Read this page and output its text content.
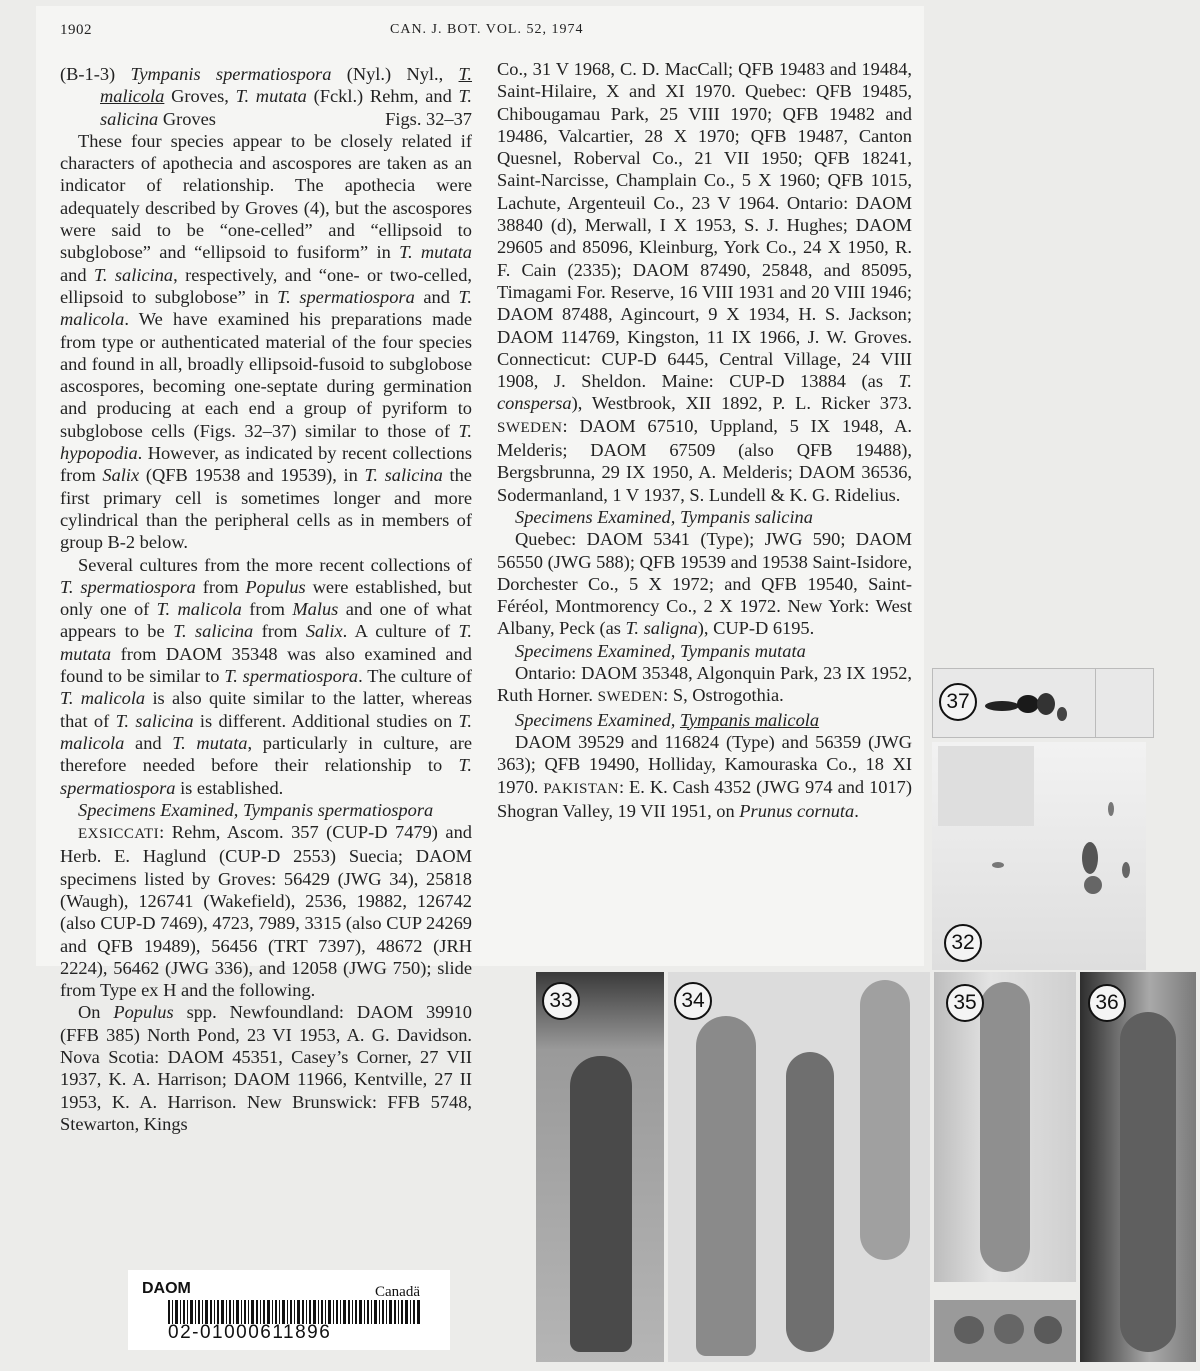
1902	CAN. J. BOT. VOL. 52, 1974

(B-1-3) Tympanis spermatiospora (Nyl.) Nyl., T. malicola Groves, T. mutata (Fckl.) Rehm, and T. salicina Groves	Figs. 32–37

These four species appear to be closely related if characters of apothecia and ascospores are taken as an indicator of relationship. The apothecia were adequately described by Groves (4), but the ascospores were said to be “one-celled” and “ellipsoid to subglobose” and “ellipsoid to fusiform” in T. mutata and T. salicina, respectively, and “one- or two-celled, ellipsoid to subglobose” in T. spermatiospora and T. malicola. We have examined his preparations made from type or authenticated material of the four species and found in all, broadly ellipsoid-fusoid to subglobose ascospores, becoming one-septate during germination and producing at each end a group of pyriform to subglobose cells (Figs. 32–37) similar to those of T. hypopodia. However, as indicated by recent collections from Salix (QFB 19538 and 19539), in T. salicina the first primary cell is sometimes longer and more cylindrical than the peripheral cells as in members of group B-2 below.

Several cultures from the more recent collections of T. spermatiospora from Populus were established, but only one of T. malicola from Malus and one of what appears to be T. salicina from Salix. A culture of T. mutata from DAOM 35348 was also examined and found to be similar to T. spermatiospora. The culture of T. malicola is also quite similar to the latter, whereas that of T. salicina is different. Additional studies on T. malicola and T. mutata, particularly in culture, are therefore needed before their relationship to T. spermatiospora is established.

Specimens Examined, Tympanis spermatiospora

EXSICCATI: Rehm, Ascom. 357 (CUP-D 7479) and Herb. E. Haglund (CUP-D 2553) Suecia; DAOM specimens listed by Groves: 56429 (JWG 34), 25818 (Waugh), 126741 (Wakefield), 2536, 19882, 126742 (also CUP-D 7469), 4723, 7989, 3315 (also CUP 24269 and QFB 19489), 56456 (TRT 7397), 48672 (JRH 2224), 56462 (JWG 336), and 12058 (JWG 750); slide from Type ex H and the following.

On Populus spp. Newfoundland: DAOM 39910 (FFB 385) North Pond, 23 VI 1953, A. G. Davidson. Nova Scotia: DAOM 45351, Casey’s Corner, 27 VII 1937, K. A. Harrison; DAOM 11966, Kentville, 27 II 1953, K. A. Harrison. New Brunswick: FFB 5748, Stewarton, Kings

Co., 31 V 1968, C. D. MacCall; QFB 19483 and 19484, Saint-Hilaire, X and XI 1970. Quebec: QFB 19485, Chibougamau Park, 25 VIII 1970; QFB 19482 and 19486, Valcartier, 28 X 1970; QFB 19487, Canton Quesnel, Roberval Co., 21 VII 1950; QFB 18241, Saint-Narcisse, Champlain Co., 5 X 1960; QFB 1015, Lachute, Argenteuil Co., 23 V 1964. Ontario: DAOM 38840 (d), Merwall, I X 1953, S. J. Hughes; DAOM 29605 and 85096, Kleinburg, York Co., 24 X 1950, R. F. Cain (2335); DAOM 87490, 25848, and 85095, Timagami For. Reserve, 16 VIII 1931 and 20 VIII 1946; DAOM 87488, Agincourt, 9 X 1934, H. S. Jackson; DAOM 114769, Kingston, 11 IX 1966, J. W. Groves. Connecticut: CUP-D 6445, Central Village, 24 VIII 1908, J. Sheldon. Maine: CUP-D 13884 (as T. conspersa), Westbrook, XII 1892, P. L. Ricker 373. SWEDEN: DAOM 67510, Uppland, 5 IX 1948, A. Melderis; DAOM 67509 (also QFB 19488), Bergsbrunna, 29 IX 1950, A. Melderis; DAOM 36536, Sodermanland, 1 V 1937, S. Lundell & K. G. Ridelius.

Specimens Examined, Tympanis salicina

Quebec: DAOM 5341 (Type); JWG 590; DAOM 56550 (JWG 588); QFB 19539 and 19538 Saint-Isidore, Dorchester Co., 5 X 1972; and QFB 19540, Saint-Féréol, Montmorency Co., 2 X 1972. New York: West Albany, Peck (as T. saligna), CUP-D 6195.

Specimens Examined, Tympanis mutata

Ontario: DAOM 35348, Algonquin Park, 23 IX 1952, Ruth Horner. SWEDEN: S, Ostrogothia.

Specimens Examined, Tympanis malicola

DAOM 39529 and 116824 (Type) and 56359 (JWG 363); QFB 19490, Holliday, Kamouraska Co., 18 XI 1970. PAKISTAN: E. K. Cash 4352 (JWG 974 and 1017) Shogran Valley, 19 VII 1951, on Prunus cornuta.

37
32
33	34	35	36
DAOM	Canadä
02-01000611896
